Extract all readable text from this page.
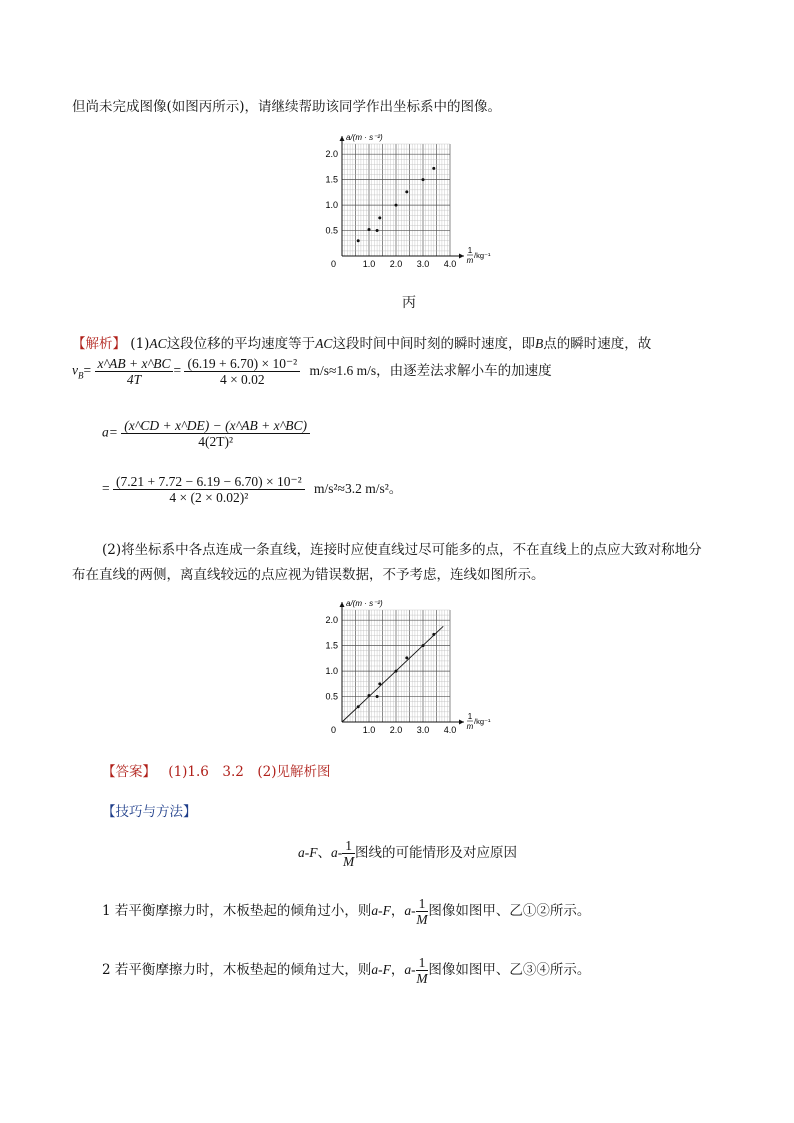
但尚未完成图像(如图丙所示)，请继续帮助该同学作出坐标系中的图像。
1.0 2.0 3.0 4.0
0.5
1.0
1.5
2.0
0
a/(m · s⁻²)
1
m
/kg⁻¹
丙
【解析】 (1)AC这段位移的平均速度等于AC这段时间中间时刻的瞬时速度，即B点的瞬时速度，故
$v_B= \frac{x\^{}AB + x\^{}BC}{4T} = \frac{\text{(6.19 + 6.70) × 10⁻²}}{4 \times 0.02} m/s\approx 1.6$ m/s，由逐差法求解小车的加速度
$a= \frac{(x\^{}CD + x\^{}DE) - (x\^{}AB + x\^{}BC)}{\text{4(2T)²}}$
= $\frac{\text{(7.21 + 7.72 − 6.19 − 6.70) × 10⁻²}}{\text{4 × (2 × 0.02)²}} m/s^2\approx 3.2$ m/s²。
(2)将坐标系中各点连成一条直线，连接时应使直线过尽可能多的点，不在直线上的点应大致对称地分
布在直线的两侧，离直线较远的点应视为错误数据，不予考虑，连线如图所示。
1.0 2.0 3.0 4.0
0.5
1.0
1.5
2.0
0
a/(m · s⁻²)
1
m
/kg⁻¹
【答案】 (1)1.6　3.2　(2)见解析图
【技巧与方法】
a-F、$a- \frac{1}{M}$ 图线的可能情形及对应原因
1 若平衡摩擦力时，木板垫起的倾角过小，则a-F，$a- \frac{1}{M}$ 图像如图甲、乙①②所示。
2 若平衡摩擦力时，木板垫起的倾角过大，则a-F，$a- \frac{1}{M}$ 图像如图甲、乙③④所示。
